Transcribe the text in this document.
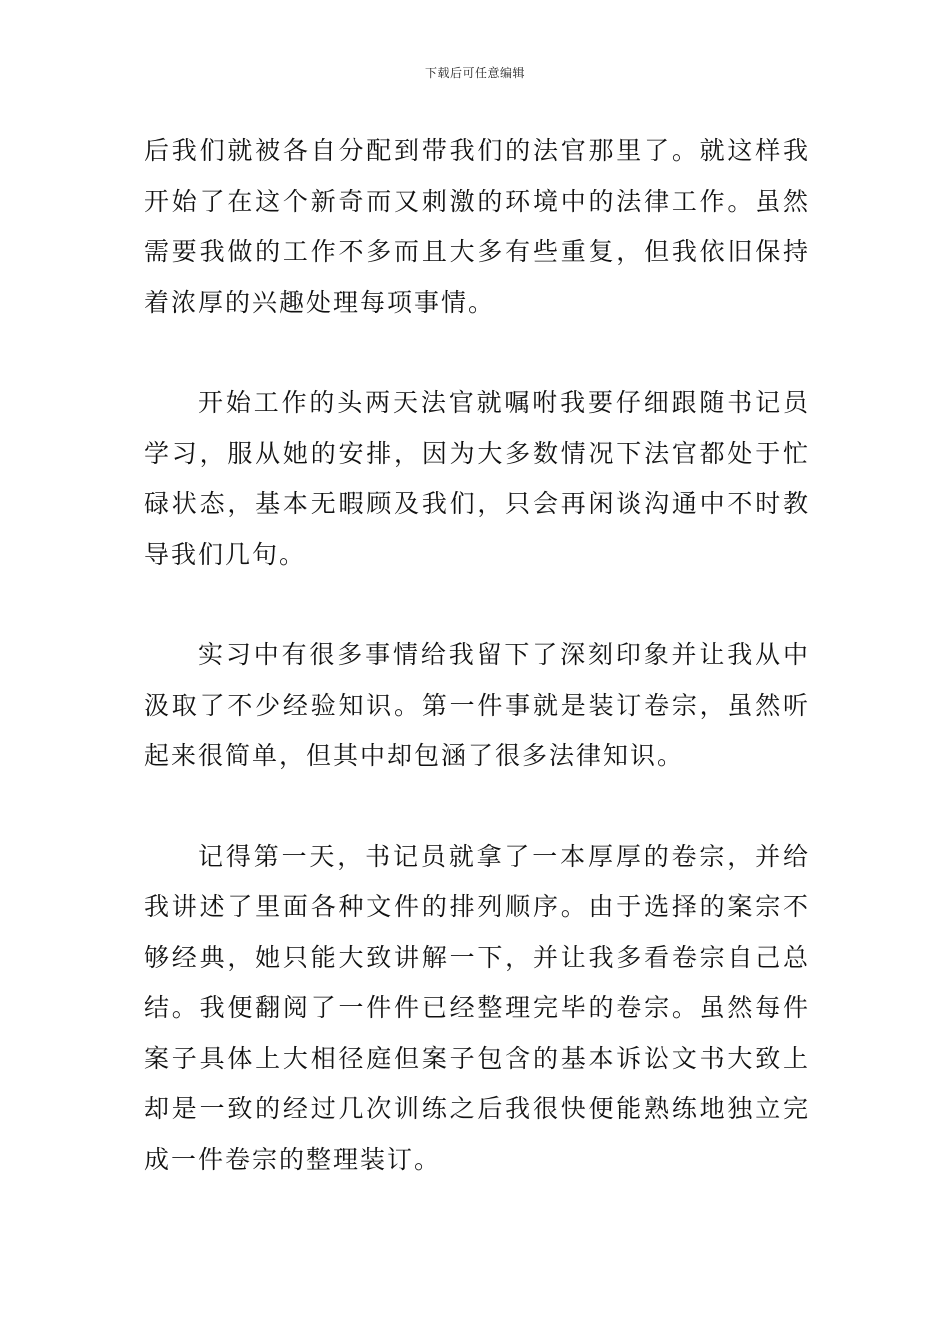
下载后可任意编辑

后我们就被各自分配到带我们的法官那里了。就这样我开始了在这个新奇而又刺激的环境中的法律工作。虽然需要我做的工作不多而且大多有些重复，但我依旧保持着浓厚的兴趣处理每项事情。

开始工作的头两天法官就嘱咐我要仔细跟随书记员学习，服从她的安排，因为大多数情况下法官都处于忙碌状态，基本无暇顾及我们，只会再闲谈沟通中不时教导我们几句。

实习中有很多事情给我留下了深刻印象并让我从中汲取了不少经验知识。第一件事就是装订卷宗，虽然听起来很简单，但其中却包涵了很多法律知识。

记得第一天，书记员就拿了一本厚厚的卷宗，并给我讲述了里面各种文件的排列顺序。由于选择的案宗不够经典，她只能大致讲解一下，并让我多看卷宗自己总结。我便翻阅了一件件已经整理完毕的卷宗。虽然每件案子具体上大相径庭但案子包含的基本诉讼文书大致上却是一致的经过几次训练之后我很快便能熟练地独立完成一件卷宗的整理装订。
